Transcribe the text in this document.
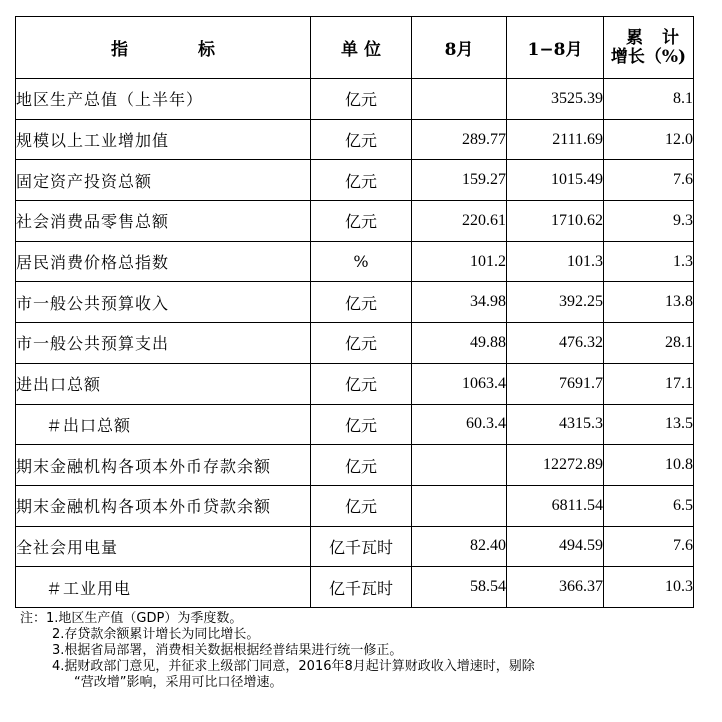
指 标	单 位	8月	1−8月	累 计
增长（%)

地区生产总值（上半年）	亿元		3525.39	8.1
规模以上工业增加值	亿元	289.77	2111.69	12.0
固定资产投资总额	亿元	159.27	1015.49	7.6
社会消费品零售总额	亿元	220.61	1710.62	9.3
居民消费价格总指数	%	101.2	101.3	1.3
市一般公共预算收入	亿元	34.98	392.25	13.8
市一般公共预算支出	亿元	49.88	476.32	28.1
进出口总额	亿元	1063.4	7691.7	17.1
＃出口总额	亿元	60.3.4	4315.3	13.5
期末金融机构各项本外币存款余额	亿元		12272.89	10.8
期末金融机构各项本外币贷款余额	亿元		6811.54	6.5
全社会用电量	亿千瓦时	82.40	494.59	7.6
＃工业用电	亿千瓦时	58.54	366.37	10.3
注：1.地区生产值（GDP）为季度数。
2.存贷款余额累计增长为同比增长。
3.根据省局部署，消费相关数据根据经普结果进行统一修正。
4.据财政部门意见，并征求上级部门同意，2016年8月起计算财政收入增速时，剔除
“营改增”影响，采用可比口径增速。
